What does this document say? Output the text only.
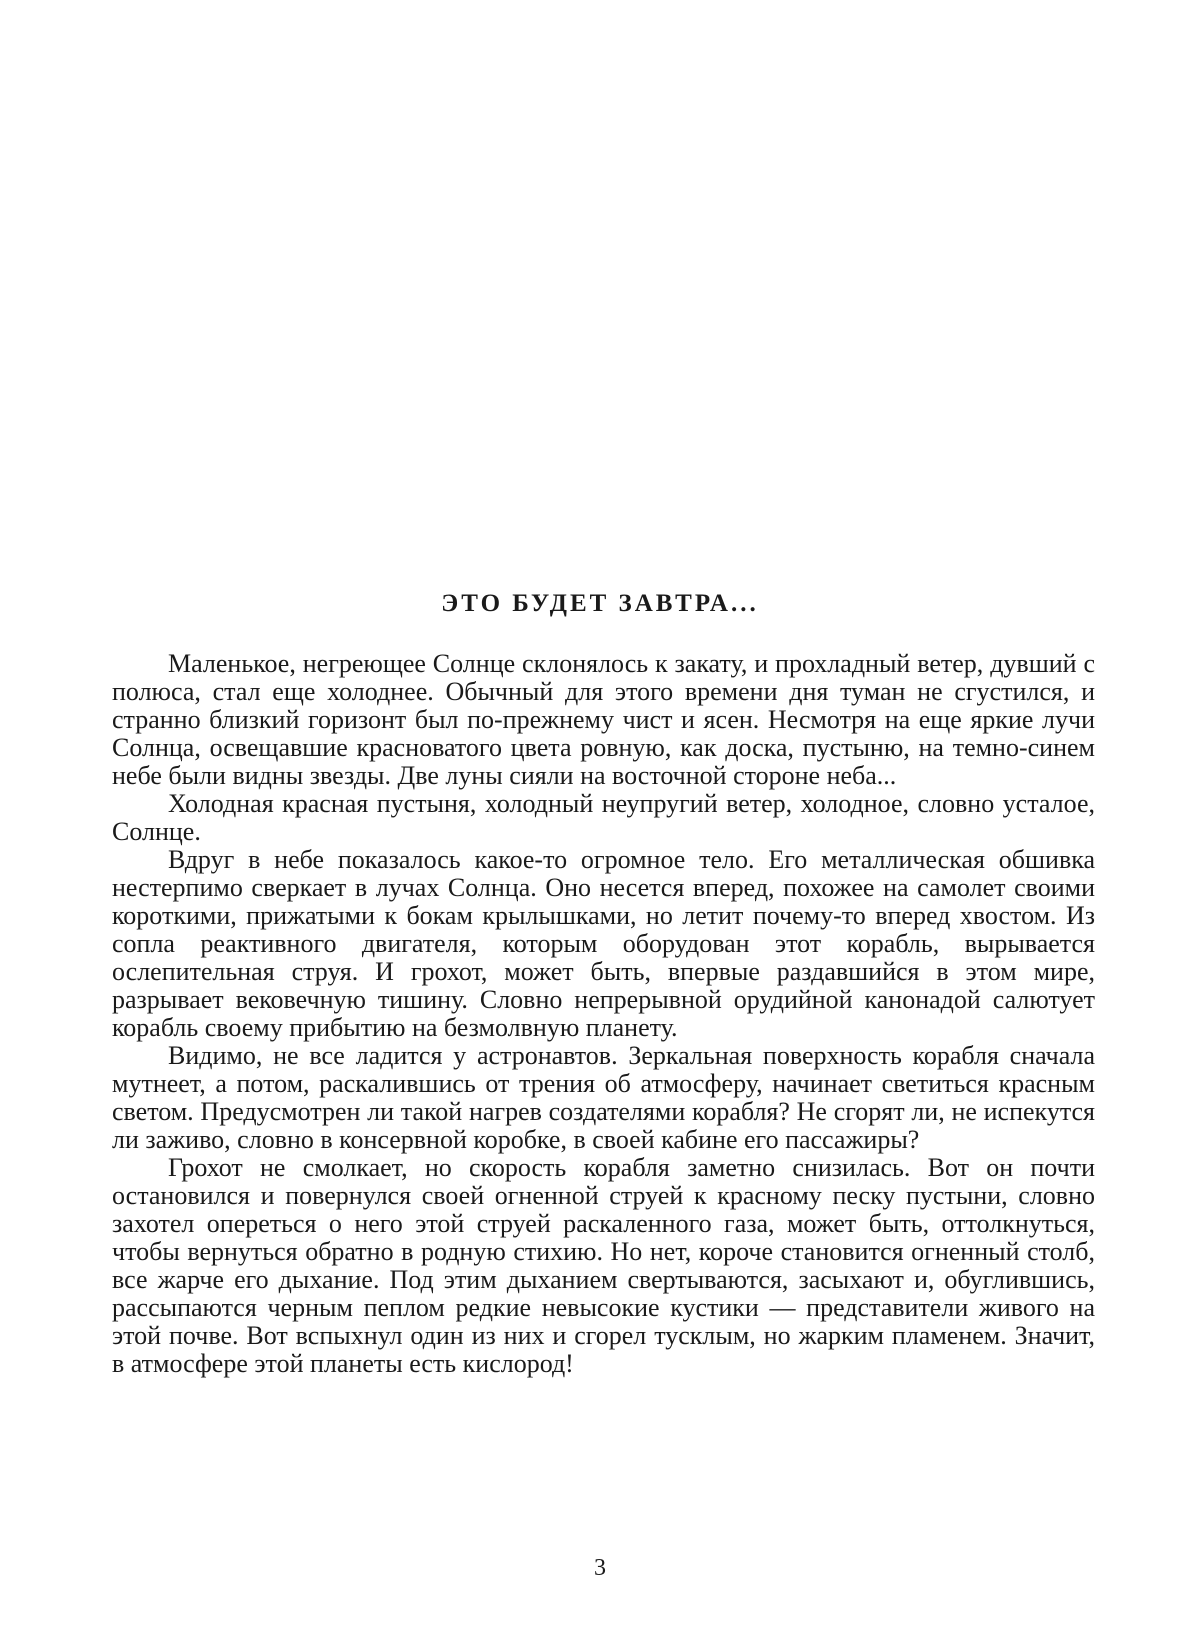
ЭТО БУДЕТ ЗАВТРА...

Маленькое, негреющее Солнце склонялось к закату, и прохладный ветер, дувший с полюса, стал еще холоднее. Обычный для этого времени дня туман не сгустился, и странно близкий горизонт был по-прежнему чист и ясен. Несмотря на еще яркие лучи Солнца, освещавшие красноватого цвета ровную, как доска, пустыню, на темно-синем небе были видны звезды. Две луны сияли на восточной стороне неба...

Холодная красная пустыня, холодный неупругий ветер, холодное, словно усталое, Солнце.

Вдруг в небе показалось какое-то огромное тело. Его металлическая обшивка нестерпимо сверкает в лучах Солнца. Оно несется вперед, похожее на самолет своими короткими, прижатыми к бокам крылышками, но летит почему-то вперед хвостом. Из сопла реактивного двигателя, которым оборудован этот корабль, вырывается ослепительная струя. И грохот, может быть, впервые раздавшийся в этом мире, разрывает вековечную тишину. Словно непрерывной орудийной канонадой салютует корабль своему прибытию на безмолвную планету.

Видимо, не все ладится у астронавтов. Зеркальная поверхность корабля сначала мутнеет, а потом, раскалившись от трения об атмосферу, начинает светиться красным светом. Предусмотрен ли такой нагрев создателями корабля? Не сгорят ли, не испекутся ли заживо, словно в консервной коробке, в своей кабине его пассажиры?

Грохот не смолкает, но скорость корабля заметно снизилась. Вот он почти остановился и повернулся своей огненной струей к красному песку пустыни, словно захотел опереться о него этой струей раскаленного газа, может быть, оттолкнуться, чтобы вернуться обратно в родную стихию. Но нет, короче становится огненный столб, все жарче его дыхание. Под этим дыханием свертываются, засыхают и, обуглившись, рассыпаются черным пеплом редкие невысокие кустики — представители живого на этой почве. Вот вспыхнул один из них и сгорел тусклым, но жарким пламенем. Значит, в атмосфере этой планеты есть кислород!

3
